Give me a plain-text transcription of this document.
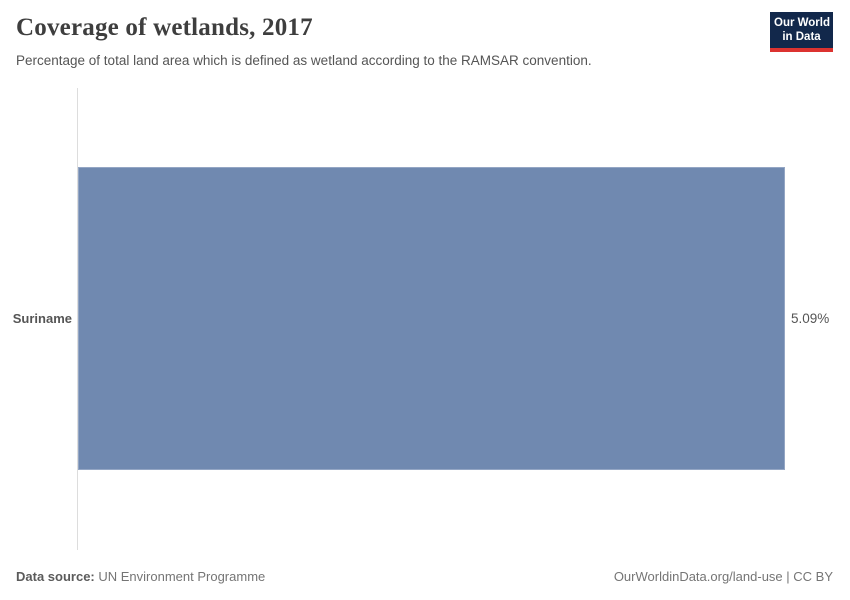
Coverage of wetlands, 2017

Percentage of total land area which is defined as wetland according to the RAMSAR convention.

Our World
in Data
Suriname	5.09%
Data source: UN Environment Programme	OurWorldinData.org/land-use | CC BY
